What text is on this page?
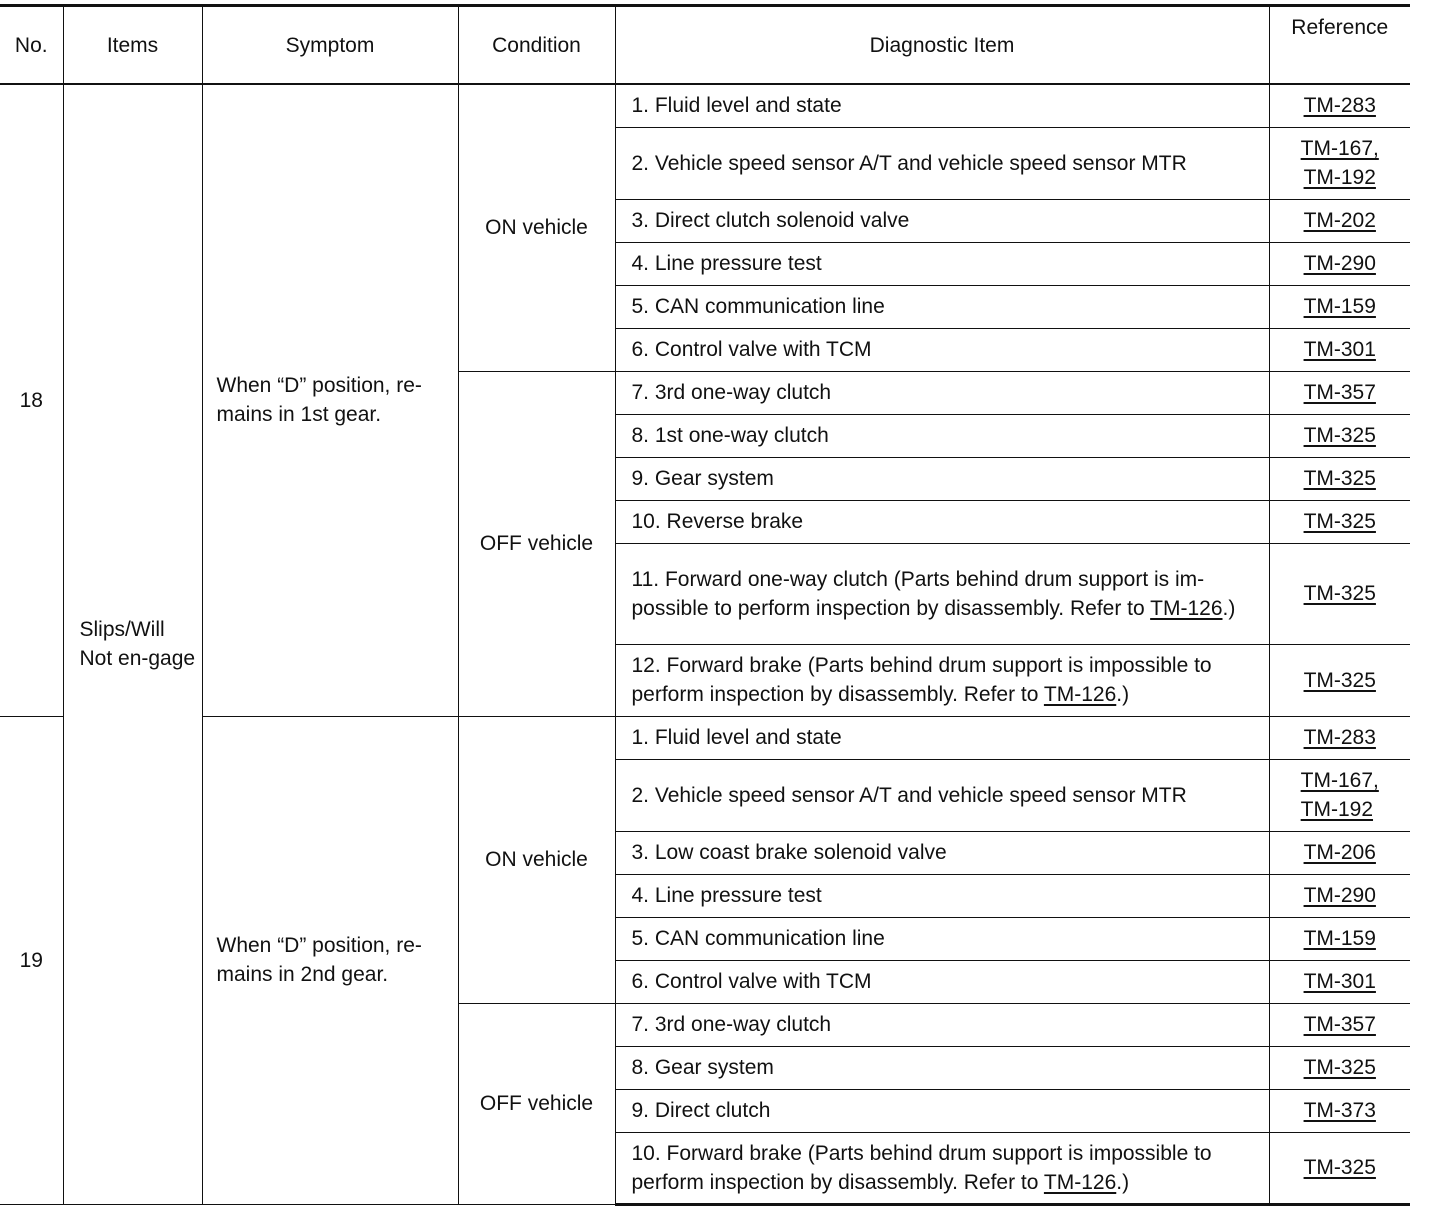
No.	Items	Symptom	Condition	Diagnostic Item	Reference
18	Slips/Will Not en-gage	When “D” position, re-mains in 1st gear.	ON vehicle	1. Fluid level and state	TM-283
				2. Vehicle speed sensor A/T and vehicle speed sensor MTR	$\frac{TM-167,}{TM-192}$
				3. Direct clutch solenoid valve	TM-202
				4. Line pressure test	TM-290
				5. CAN communication line	TM-159
				6. Control valve with TCM	TM-301
			OFF vehicle	7. 3rd one-way clutch	TM-357
				8. 1st one-way clutch	TM-325
				9. Gear system	TM-325
				10. Reverse brake	TM-325
				11. Forward one-way clutch (Parts behind drum support is im-possible to perform inspection by disassembly. Refer to TM-126.)	TM-325
				12. Forward brake (Parts behind drum support is impossible to perform inspection by disassembly. Refer to TM-126.)	TM-325
19		When “D” position, re-mains in 2nd gear.	ON vehicle	1. Fluid level and state	TM-283
				2. Vehicle speed sensor A/T and vehicle speed sensor MTR	$\frac{TM-167,}{TM-192}$
				3. Low coast brake solenoid valve	TM-206
				4. Line pressure test	TM-290
				5. CAN communication line	TM-159
				6. Control valve with TCM	TM-301
			OFF vehicle	7. 3rd one-way clutch	TM-357
				8. Gear system	TM-325
				9. Direct clutch	TM-373
				10. Forward brake (Parts behind drum support is impossible to perform inspection by disassembly. Refer to TM-126.)	TM-325
